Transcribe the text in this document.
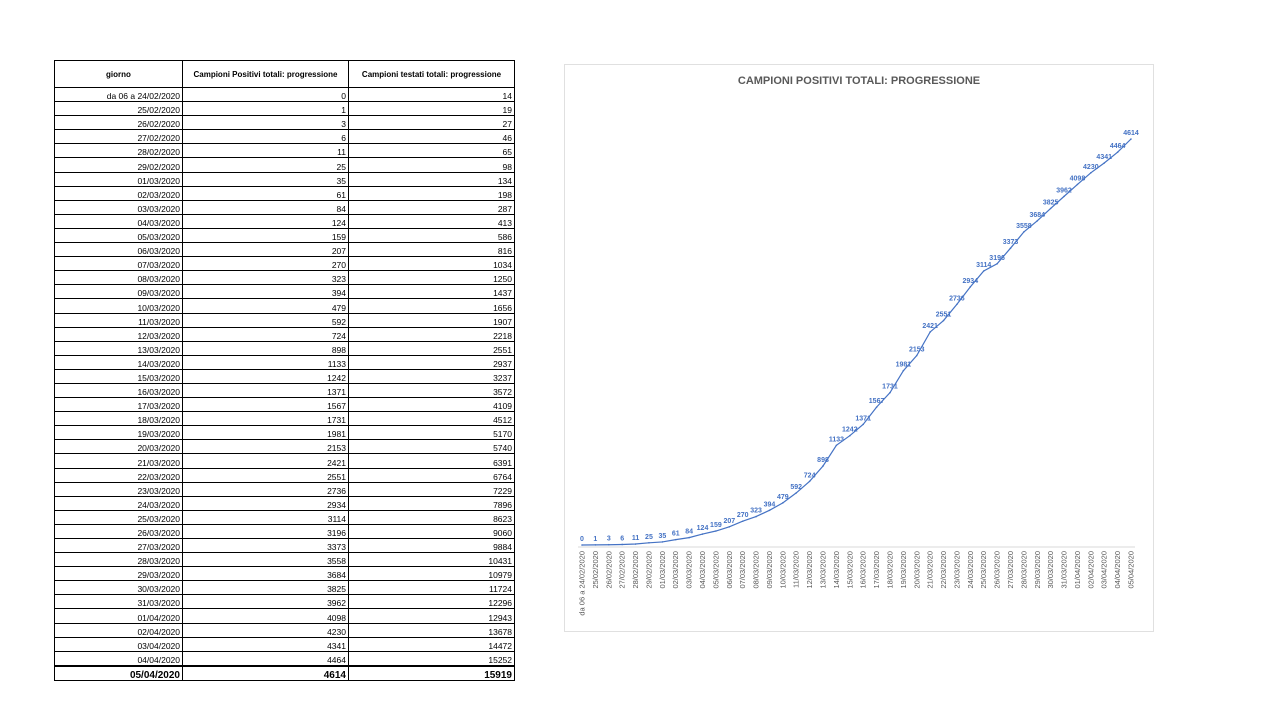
giorno	Campioni Positivi totali: progressione	Campioni testati totali: progressione
da 06 a 24/02/2020	0	14
25/02/2020	1	19
26/02/2020	3	27
27/02/2020	6	46
28/02/2020	11	65
29/02/2020	25	98
01/03/2020	35	134
02/03/2020	61	198
03/03/2020	84	287
04/03/2020	124	413
05/03/2020	159	586
06/03/2020	207	816
07/03/2020	270	1034
08/03/2020	323	1250
09/03/2020	394	1437
10/03/2020	479	1656
11/03/2020	592	1907
12/03/2020	724	2218
13/03/2020	898	2551
14/03/2020	1133	2937
15/03/2020	1242	3237
16/03/2020	1371	3572
17/03/2020	1567	4109
18/03/2020	1731	4512
19/03/2020	1981	5170
20/03/2020	2153	5740
21/03/2020	2421	6391
22/03/2020	2551	6764
23/03/2020	2736	7229
24/03/2020	2934	7896
25/03/2020	3114	8623
26/03/2020	3196	9060
27/03/2020	3373	9884
28/03/2020	3558	10431
29/03/2020	3684	10979
30/03/2020	3825	11724
31/03/2020	3962	12296
01/04/2020	4098	12943
02/04/2020	4230	13678
03/04/2020	4341	14472
04/04/2020	4464	15252
05/04/2020	4614	15919
CAMPIONI POSITIVI TOTALI: PROGRESSIONE
da 06 a 24/02/2020 25/02/2020 26/02/2020 27/02/2020 28/02/2020 29/02/2020 01/03/2020 02/03/2020 03/03/2020 04/03/2020 05/03/2020 06/03/2020 07/03/2020 08/03/2020 09/03/2020 10/03/2020 11/03/2020 12/03/2020 13/03/2020 14/03/2020 15/03/2020 16/03/2020 17/03/2020 18/03/2020 19/03/2020 20/03/2020 21/03/2020 22/03/2020 23/03/2020 24/03/2020 25/03/2020 26/03/2020 27/03/2020 28/03/2020 29/03/2020 30/03/2020 31/03/2020 01/04/2020 02/04/2020 03/04/2020 04/04/2020 05/04/2020
0 1 3 6 11 25 35 61 84
124 159
207
270
323
394
479
592
724
898
1133
1242
1371
1567
1731
1981
2153
2421
2551
2736
2934
3114
3196
3373
3558
3684
3825
3962
4098
4230
4341
4464
4614
